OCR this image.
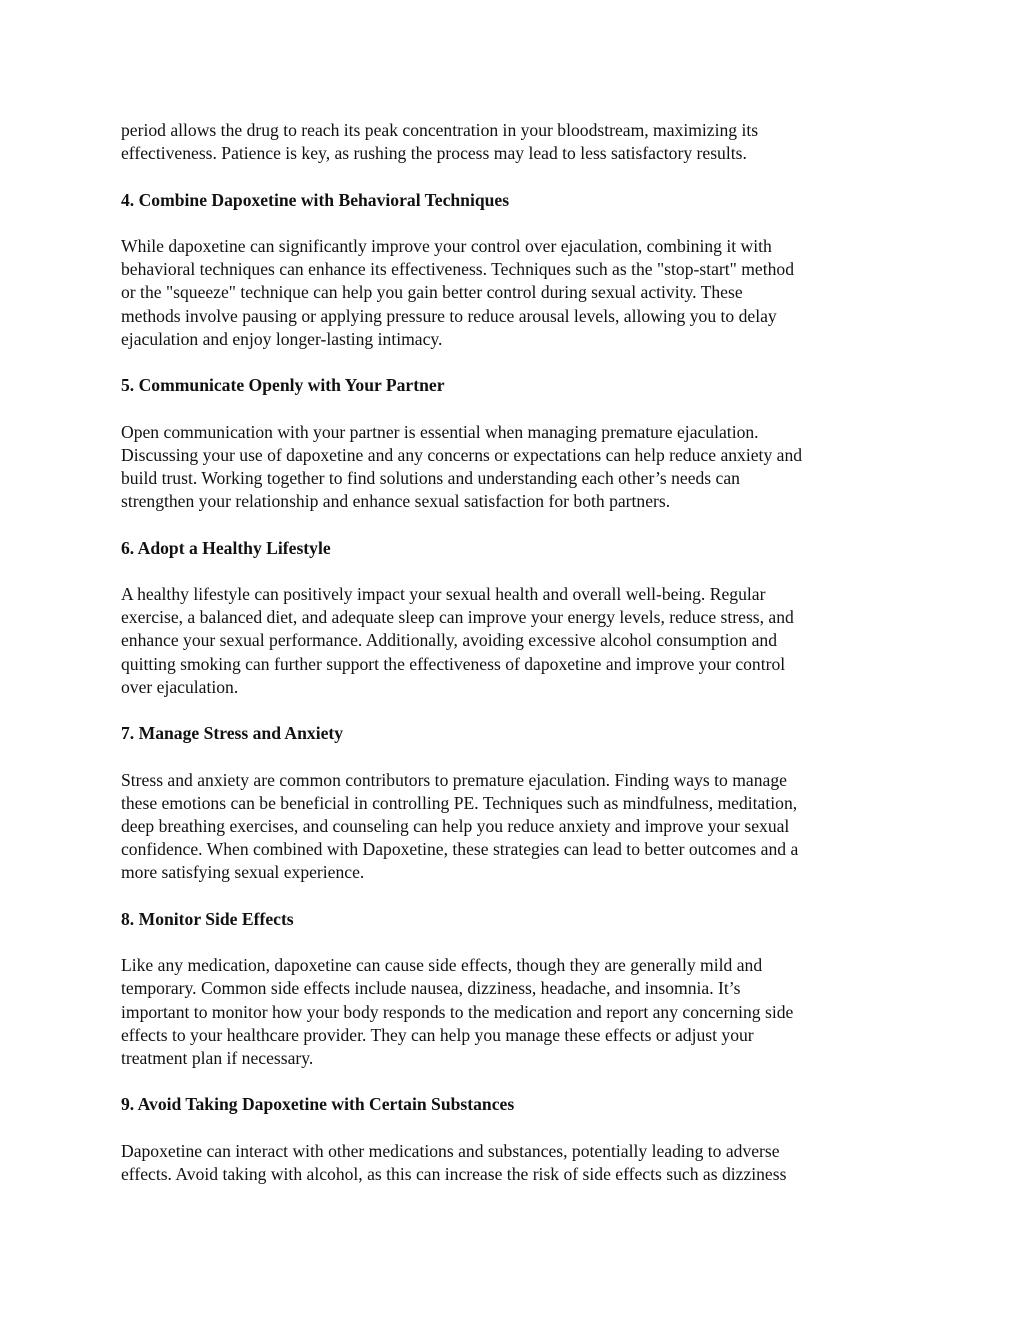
period allows the drug to reach its peak concentration in your bloodstream, maximizing its
effectiveness. Patience is key, as rushing the process may lead to less satisfactory results.
4. Combine Dapoxetine with Behavioral Techniques
While dapoxetine can significantly improve your control over ejaculation, combining it with
behavioral techniques can enhance its effectiveness. Techniques such as the "stop-start" method
or the "squeeze" technique can help you gain better control during sexual activity. These
methods involve pausing or applying pressure to reduce arousal levels, allowing you to delay
ejaculation and enjoy longer-lasting intimacy.
5. Communicate Openly with Your Partner
Open communication with your partner is essential when managing premature ejaculation.
Discussing your use of dapoxetine and any concerns or expectations can help reduce anxiety and
build trust. Working together to find solutions and understanding each other’s needs can
strengthen your relationship and enhance sexual satisfaction for both partners.
6. Adopt a Healthy Lifestyle
A healthy lifestyle can positively impact your sexual health and overall well-being. Regular
exercise, a balanced diet, and adequate sleep can improve your energy levels, reduce stress, and
enhance your sexual performance. Additionally, avoiding excessive alcohol consumption and
quitting smoking can further support the effectiveness of dapoxetine and improve your control
over ejaculation.
7. Manage Stress and Anxiety
Stress and anxiety are common contributors to premature ejaculation. Finding ways to manage
these emotions can be beneficial in controlling PE. Techniques such as mindfulness, meditation,
deep breathing exercises, and counseling can help you reduce anxiety and improve your sexual
confidence. When combined with Dapoxetine, these strategies can lead to better outcomes and a
more satisfying sexual experience.
8. Monitor Side Effects
Like any medication, dapoxetine can cause side effects, though they are generally mild and
temporary. Common side effects include nausea, dizziness, headache, and insomnia. It’s
important to monitor how your body responds to the medication and report any concerning side
effects to your healthcare provider. They can help you manage these effects or adjust your
treatment plan if necessary.
9. Avoid Taking Dapoxetine with Certain Substances
Dapoxetine can interact with other medications and substances, potentially leading to adverse
effects. Avoid taking with alcohol, as this can increase the risk of side effects such as dizziness
